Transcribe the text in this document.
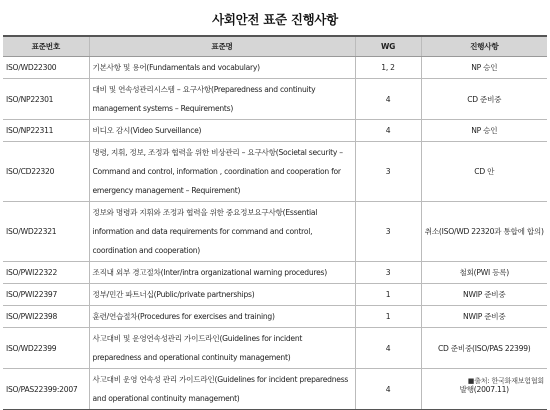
사회안전 표준 진행사항
표준번호	표준명	WG	진행사항
ISO/WD22300	기본사항 및 용어(Fundamentals and vocabulary)	1, 2	NP 승인
ISO/NP22301	대비 및 연속성관리시스템 – 요구사항(Preparedness and continuity management systems – Requirements)	4	CD 준비중
ISO/NP22311	비디오 감시(Video Surveillance)	4	NP 승인
ISO/CD22320	명령, 지휘, 정보, 조정과 협력을 위한 비상관리 – 요구사항(Societal security – Command and control, information , coordination and cooperation for emergency management – Requirement)	3	CD 안
ISO/WD22321	정보와 명령과 지휘와 조정과 협력을 위한 중요정보요구사항(Essential information and data requirements for command and control, coordination and cooperation)	3	취소(ISO/WD 22320과 통합에 합의)
ISO/PWI22322	조직내 외부 경고절차(Inter/intra organizational warning procedures)	3	철회(PWI 등록)
ISO/PWI22397	정부/민간 파트너십(Public/private partnerships)	1	NWIP 준비중
ISO/PWI22398	훈련/연습절차(Procedures for exercises and training)	1	NWIP 준비중
ISO/WD22399	사고대비 및 운영연속성관리 가이드라인(Guidelines for incident preparedness and operational continuity management)	4	CD 준비중(ISO/PAS 22399)
ISO/PAS22399:2007	사고대비 운영 연속성 관리 가이드라인(Guidelines for incident preparedness and operational continuity management)	4	발행(2007.11)
■출처: 한국화재보험협회
